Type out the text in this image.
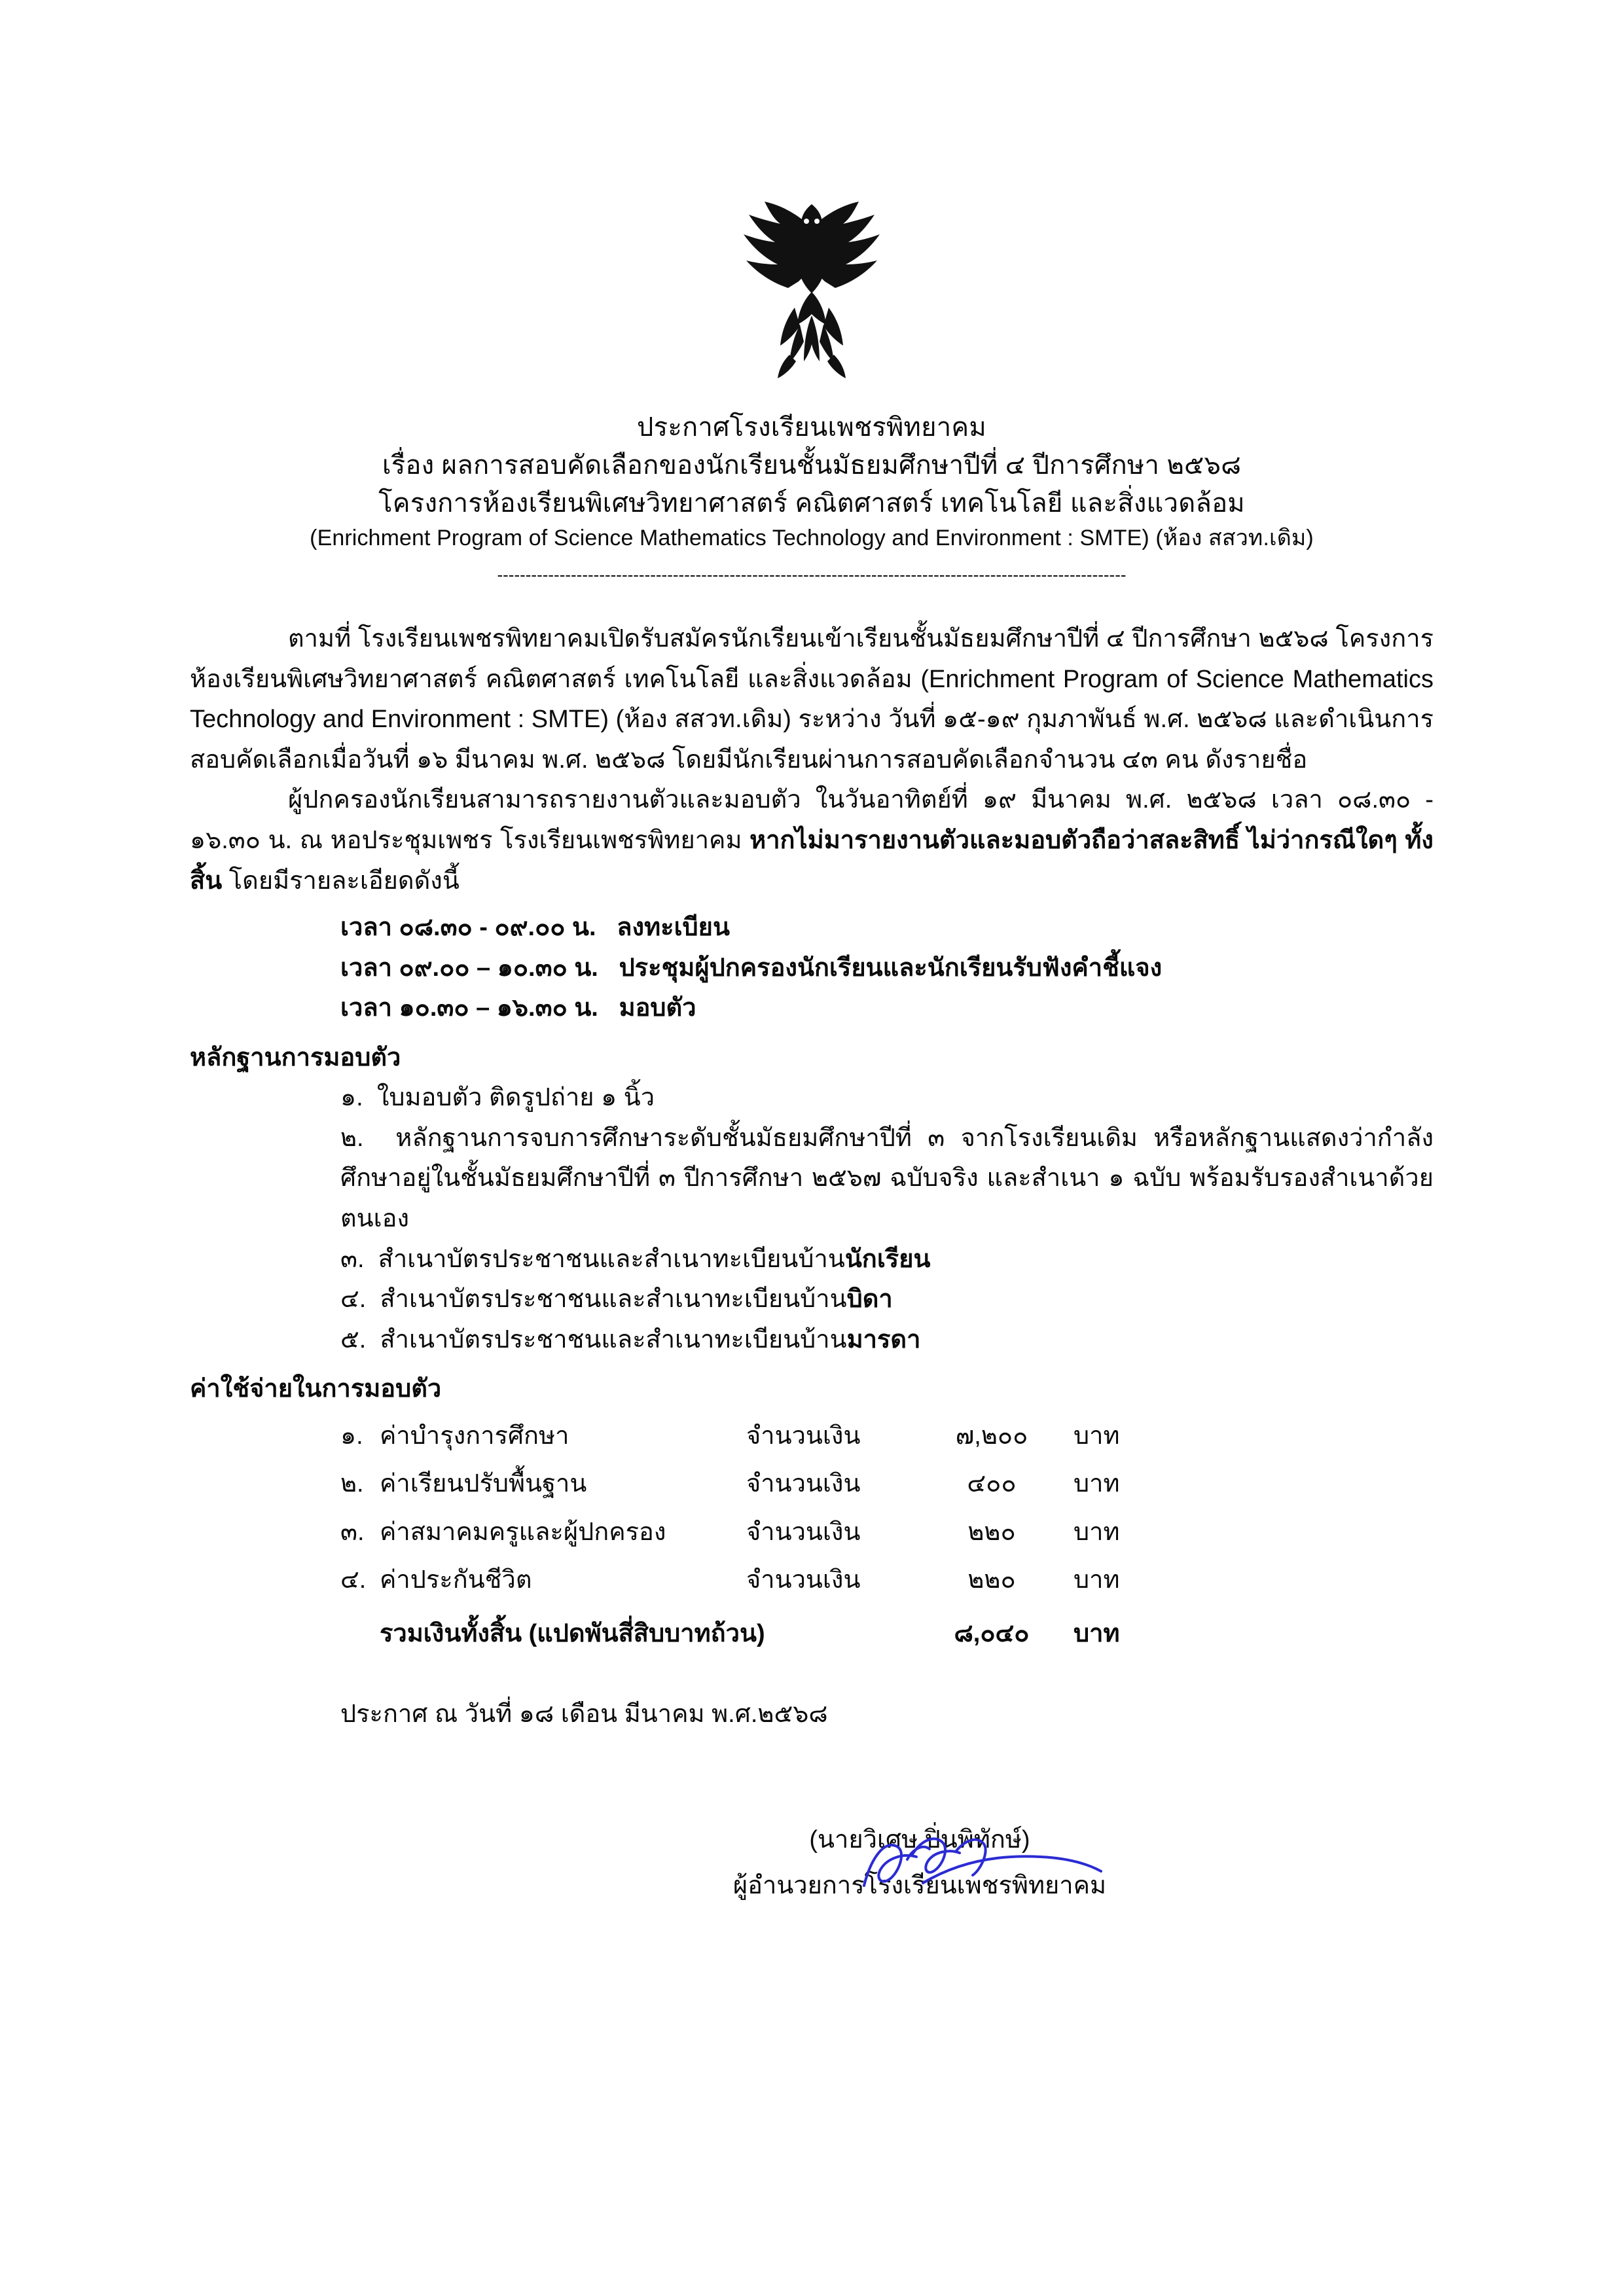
ประกาศโรงเรียนเพชรพิทยาคม
เรื่อง ผลการสอบคัดเลือกของนักเรียนชั้นมัธยมศึกษาปีที่ ๔ ปีการศึกษา ๒๕๖๘
โครงการห้องเรียนพิเศษวิทยาศาสตร์ คณิตศาสตร์ เทคโนโลยี และสิ่งแวดล้อม
(Enrichment Program of Science Mathematics Technology and Environment : SMTE) (ห้อง สสวท.เดิม)
---------------------------------------------------------------------------------------------------------------

ตามที่ โรงเรียนเพชรพิทยาคมเปิดรับสมัครนักเรียนเข้าเรียนชั้นมัธยมศึกษาปีที่ ๔ ปีการศึกษา ๒๕๖๘ โครงการห้องเรียนพิเศษวิทยาศาสตร์ คณิตศาสตร์ เทคโนโลยี และสิ่งแวดล้อม (Enrichment Program of Science Mathematics Technology and Environment : SMTE) (ห้อง สสวท.เดิม) ระหว่าง วันที่ ๑๕-๑๙ กุมภาพันธ์ พ.ศ. ๒๕๖๘ และดำเนินการสอบคัดเลือกเมื่อวันที่ ๑๖ มีนาคม พ.ศ. ๒๕๖๘ โดยมีนักเรียนผ่านการสอบคัดเลือกจำนวน ๔๓ คน ดังรายชื่อ

ผู้ปกครองนักเรียนสามารถรายงานตัวและมอบตัว ในวันอาทิตย์ที่ ๑๙ มีนาคม พ.ศ. ๒๕๖๘ เวลา ๐๘.๓๐ - ๑๖.๓๐ น. ณ หอประชุมเพชร โรงเรียนเพชรพิทยาคม หากไม่มารายงานตัวและมอบตัวถือว่าสละสิทธิ์ ไม่ว่ากรณีใดๆ ทั้งสิ้น โดยมีรายละเอียดดังนี้

เวลา ๐๘.๓๐ - ๐๙.๐๐ น. ลงทะเบียน
เวลา ๐๙.๐๐ – ๑๐.๓๐ น. ประชุมผู้ปกครองนักเรียนและนักเรียนรับฟังคำชี้แจง
เวลา ๑๐.๓๐ – ๑๖.๓๐ น. มอบตัว
หลักฐานการมอบตัว
๑. ใบมอบตัว ติดรูปถ่าย ๑ นิ้ว
๒. หลักฐานการจบการศึกษาระดับชั้นมัธยมศึกษาปีที่ ๓ จากโรงเรียนเดิม หรือหลักฐานแสดงว่ากำลังศึกษาอยู่ในชั้นมัธยมศึกษาปีที่ ๓ ปีการศึกษา ๒๕๖๗ ฉบับจริง และสำเนา ๑ ฉบับ พร้อมรับรองสำเนาด้วยตนเอง
๓. สำเนาบัตรประชาชนและสำเนาทะเบียนบ้านนักเรียน
๔. สำเนาบัตรประชาชนและสำเนาทะเบียนบ้านบิดา
๕. สำเนาบัตรประชาชนและสำเนาทะเบียนบ้านมารดา
ค่าใช้จ่ายในการมอบตัว
๑.	ค่าบำรุงการศึกษา	จำนวนเงิน	๗,๒๐๐	บาท
๒.	ค่าเรียนปรับพื้นฐาน	จำนวนเงิน	๔๐๐	บาท
๓.	ค่าสมาคมครูและผู้ปกครอง	จำนวนเงิน	๒๒๐	บาท
๔.	ค่าประกันชีวิต	จำนวนเงิน	๒๒๐	บาท
	รวมเงินทั้งสิ้น (แปดพันสี่สิบบาทถ้วน)		๘,๐๔๐	บาท
ประกาศ ณ วันที่ ๑๘ เดือน มีนาคม พ.ศ.๒๕๖๘
(นายวิเศษ ปิ่นพิทักษ์)
ผู้อำนวยการโรงเรียนเพชรพิทยาคม
